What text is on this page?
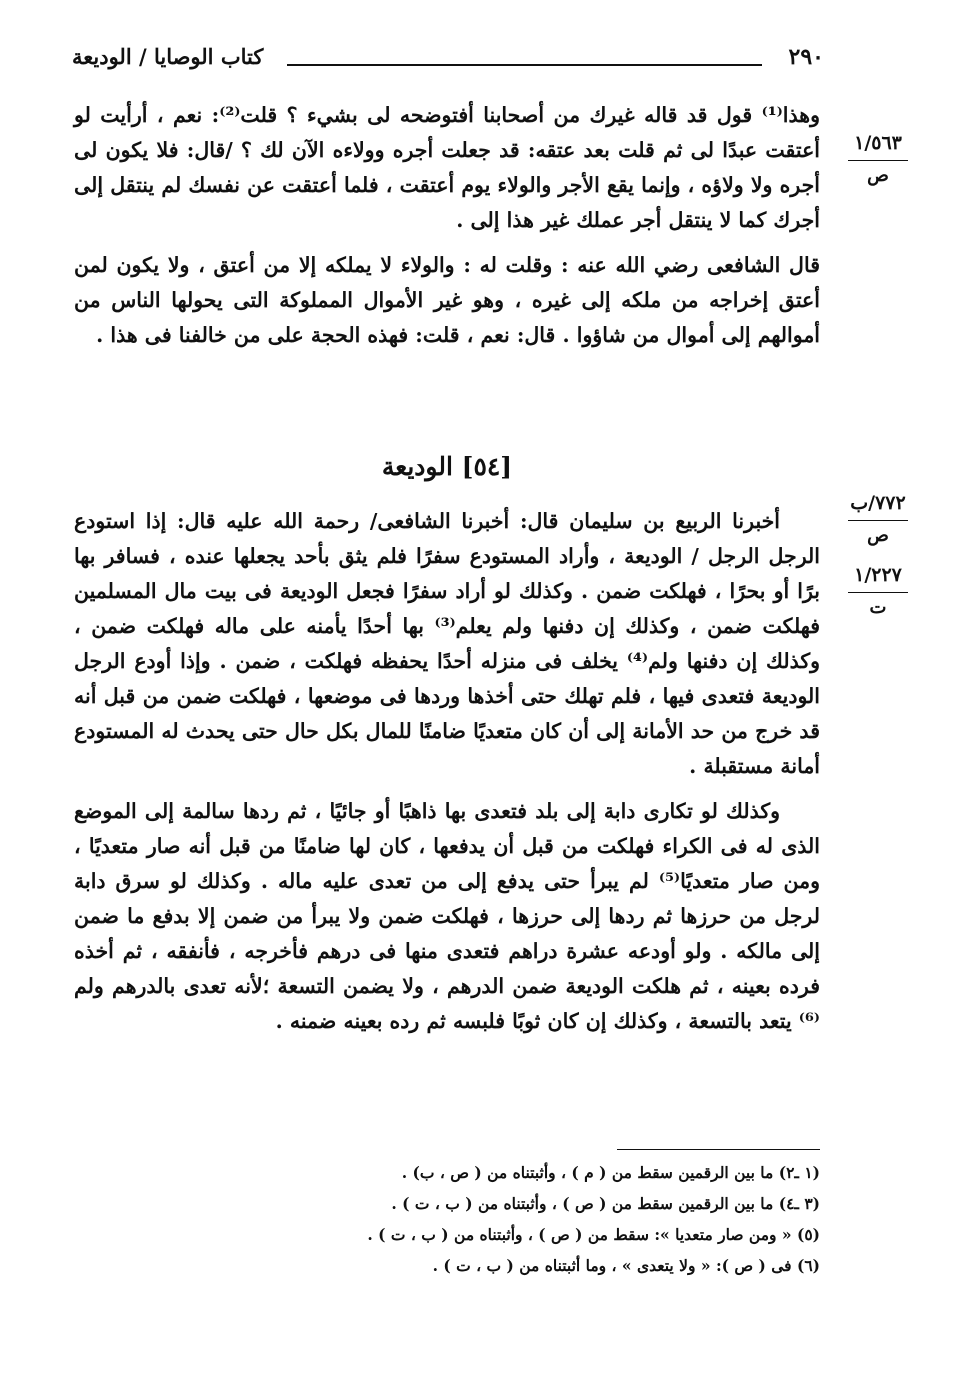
كتاب الوصايا / الوديعة	٢٩٠
١/٥٦٣
ص

وهذا⁽¹⁾ قول قد قاله غيرك من أصحابنا أفتوضحه لى بشيء ؟ قلت⁽²⁾: نعم ، أرأيت لو أعتقت عبدًا لى ثم قلت بعد عتقه: قد جعلت أجره وولاءه الآن لك ؟ /قال: فلا يكون لى أجره ولا ولاؤه ، وإنما يقع الأجر والولاء يوم أعتقت ، فلما أعتقت عن نفسك لم ينتقل إلى أجرك كما لا ينتقل أجر عملك غير هذا إلى .

قال الشافعى رضي الله عنه : وقلت له : والولاء لا يملكه إلا من أعتق ، ولا يكون لمن أعتق إخراجه من ملكه إلى غيره ، وهو غير الأموال المملوكة التى يحولها الناس من أموالهم إلى أموال من شاؤوا . قال: نعم ، قلت: فهذه الحجة على من خالفنا فى هذا .

[٥٤] الوديعة
٧٧٢/ب
ص
١/٢٢٧
ت

أخبرنا الربيع بن سليمان قال: أخبرنا الشافعى/ رحمة الله عليه قال: إذا استودع الرجل الرجل / الوديعة ، وأراد المستودع سفرًا فلم يثق بأحد يجعلها عنده ، فسافر بها برًا أو بحرًا ، فهلكت ضمن . وكذلك لو أراد سفرًا فجعل الوديعة فى بيت مال المسلمين فهلكت ضمن ، وكذلك إن دفنها ولم يعلم⁽³⁾ بها أحدًا يأمنه على ماله فهلكت ضمن ، وكذلك إن دفنها ولم⁽⁴⁾ يخلف فى منزله أحدًا يحفظه فهلكت ، ضمن . وإذا أودع الرجل الوديعة فتعدى فيها ، فلم تهلك حتى أخذها وردها فى موضعها ، فهلكت ضمن من قبل أنه قد خرج من حد الأمانة إلى أن كان متعديًا ضامنًا للمال بكل حال حتى يحدث له المستودع أمانة مستقبلة .

وكذلك لو تكارى دابة إلى بلد فتعدى بها ذاهبًا أو جائيًا ، ثم ردها سالمة إلى الموضع الذى له فى الكراء فهلكت من قبل أن يدفعها ، كان لها ضامنًا من قبل أنه صار متعديًا ، ومن صار متعديًا⁽⁵⁾ لم يبرأ حتى يدفع إلى من تعدى عليه ماله . وكذلك لو سرق دابة لرجل من حرزها ثم ردها إلى حرزها ، فهلكت ضمن ولا يبرأ من ضمن إلا بدفع ما ضمن إلى مالكه . ولو أودعه عشرة دراهم فتعدى منها فى درهم فأخرجه ، فأنفقه ، ثم أخذه فرده بعينه ، ثم هلكت الوديعة ضمن الدرهم ، ولا يضمن التسعة ؛لأنه تعدى بالدرهم ولم ⁽⁶⁾ يتعد بالتسعة ، وكذلك إن كان ثوبًا فلبسه ثم رده بعينه ضمنه .

(١ ـ٢) ما بين الرقمين سقط من ( م ) ، وأثبتناه من ( ص ، ب) .

(٣ ـ٤) ما بين الرقمين سقط من ( ص ) ، وأثبتناه من ( ب ، ت ) .

(٥) « ومن صار متعديا »: سقط من ( ص ) ، وأثبتناه من ( ب ، ت ) .

(٦) فى ( ص ): « ولا يتعدى » ، وما أثبتناه من ( ب ، ت ) .
